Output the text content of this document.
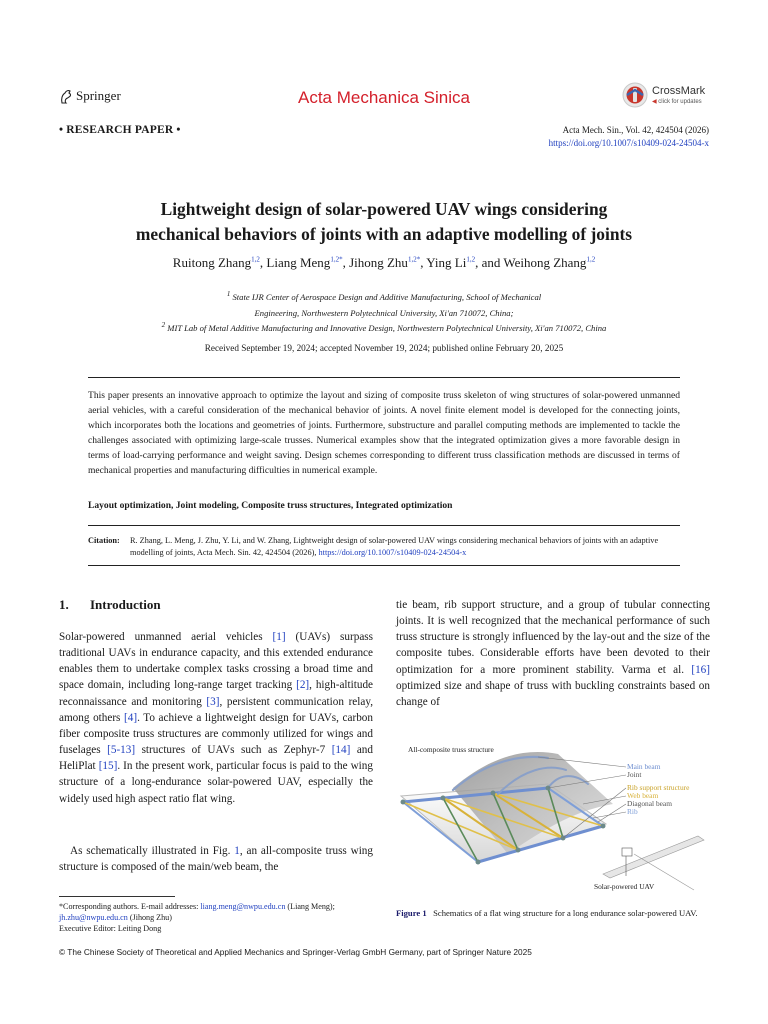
Springer	Acta Mechanica Sinica	CrossMark
◀ click for updates
• RESEARCH PAPER •	Acta Mech. Sin., Vol. 42, 424504 (2026)
https://doi.org/10.1007/s10409-024-24504-x
Lightweight design of solar-powered UAV wings considering
mechanical behaviors of joints with an adaptive modelling of joints
Ruitong Zhang$^{1,2}$, Liang Meng$^{1,2*}$, Jihong Zhu$^{1,2*}$, Ying Li$^{1,2}$, and Weihong Zhang$^{1,2}$
$^1$ State IJR Center of Aerospace Design and Additive Manufacturing, School of Mechanical
Engineering, Northwestern Polytechnical University, Xi'an 710072, China;
$^2$ MIT Lab of Metal Additive Manufacturing and Innovative Design, Northwestern Polytechnical University, Xi'an 710072, China
Received September 19, 2024; accepted November 19, 2024; published online February 20, 2025
This paper presents an innovative approach to optimize the layout and sizing of composite truss skeleton of wing structures of solar-powered unmanned aerial vehicles, with a careful consideration of the mechanical behavior of joints. A novel finite element model is developed for the connecting joints, which incorporates both the locations and geometries of joints. Furthermore, substructure and parallel computing methods are implemented to tackle the challenges associated with optimizing large-scale trusses. Numerical examples show that the integrated optimization gives a more favorable design in terms of load-carrying performance and weight saving. Design schemes corresponding to different truss classification methods are discussed in terms of mechanical properties and manufacturing difficulties in numerical example.
Layout optimization, Joint modeling, Composite truss structures, Integrated optimization
Citation:	R. Zhang, L. Meng, J. Zhu, Y. Li, and W. Zhang, Lightweight design of solar-powered UAV wings considering mechanical behaviors of joints with an adaptive modelling of joints, Acta Mech. Sin. 42, 424504 (2026), https://doi.org/10.1007/s10409-024-24504-x
1. Introduction
Solar-powered unmanned aerial vehicles [1] (UAVs) surpass traditional UAVs in endurance capacity, and this extended endurance enables them to undertake complex tasks crossing a broad time and space domain, including long-range target tracking [2], high-altitude reconnaissance and monitoring [3], persistent communication relay, among others [4]. To achieve a lightweight design for UAVs, carbon fiber composite truss structures are commonly utilized for wings and fuselages [5-13] structures of UAVs such as Zephyr-7 [14] and HeliPlat [15]. In the present work, particular focus is paid to the wing structure of a long-endurance solar-powered UAV, especially the widely used high aspect ratio flat wing.
As schematically illustrated in Fig. 1, an all-composite truss wing structure is composed of the main/web beam, the
tie beam, rib support structure, and a group of tubular connecting joints. It is well recognized that the mechanical performance of such truss structure is strongly influenced by the lay-out and the size of the composite tubes. Considerable efforts have been devoted to their optimization for a more prominent stability. Varma et al. [16] optimized size and shape of truss with buckling constraints based on change of
*Corresponding authors. E-mail addresses: liang.meng@nwpu.edu.cn (Liang Meng);
jh.zhu@nwpu.edu.cn (Jihong Zhu)
Executive Editor: Leiting Dong
All-composite truss structure
Main beam
Joint
Rib support structure
Web beam
Diagonal beam
Rib
Solar-powered UAV
Figure 1 Schematics of a flat wing structure for a long endurance solar-powered UAV.
© The Chinese Society of Theoretical and Applied Mechanics and Springer-Verlag GmbH Germany, part of Springer Nature 2025
